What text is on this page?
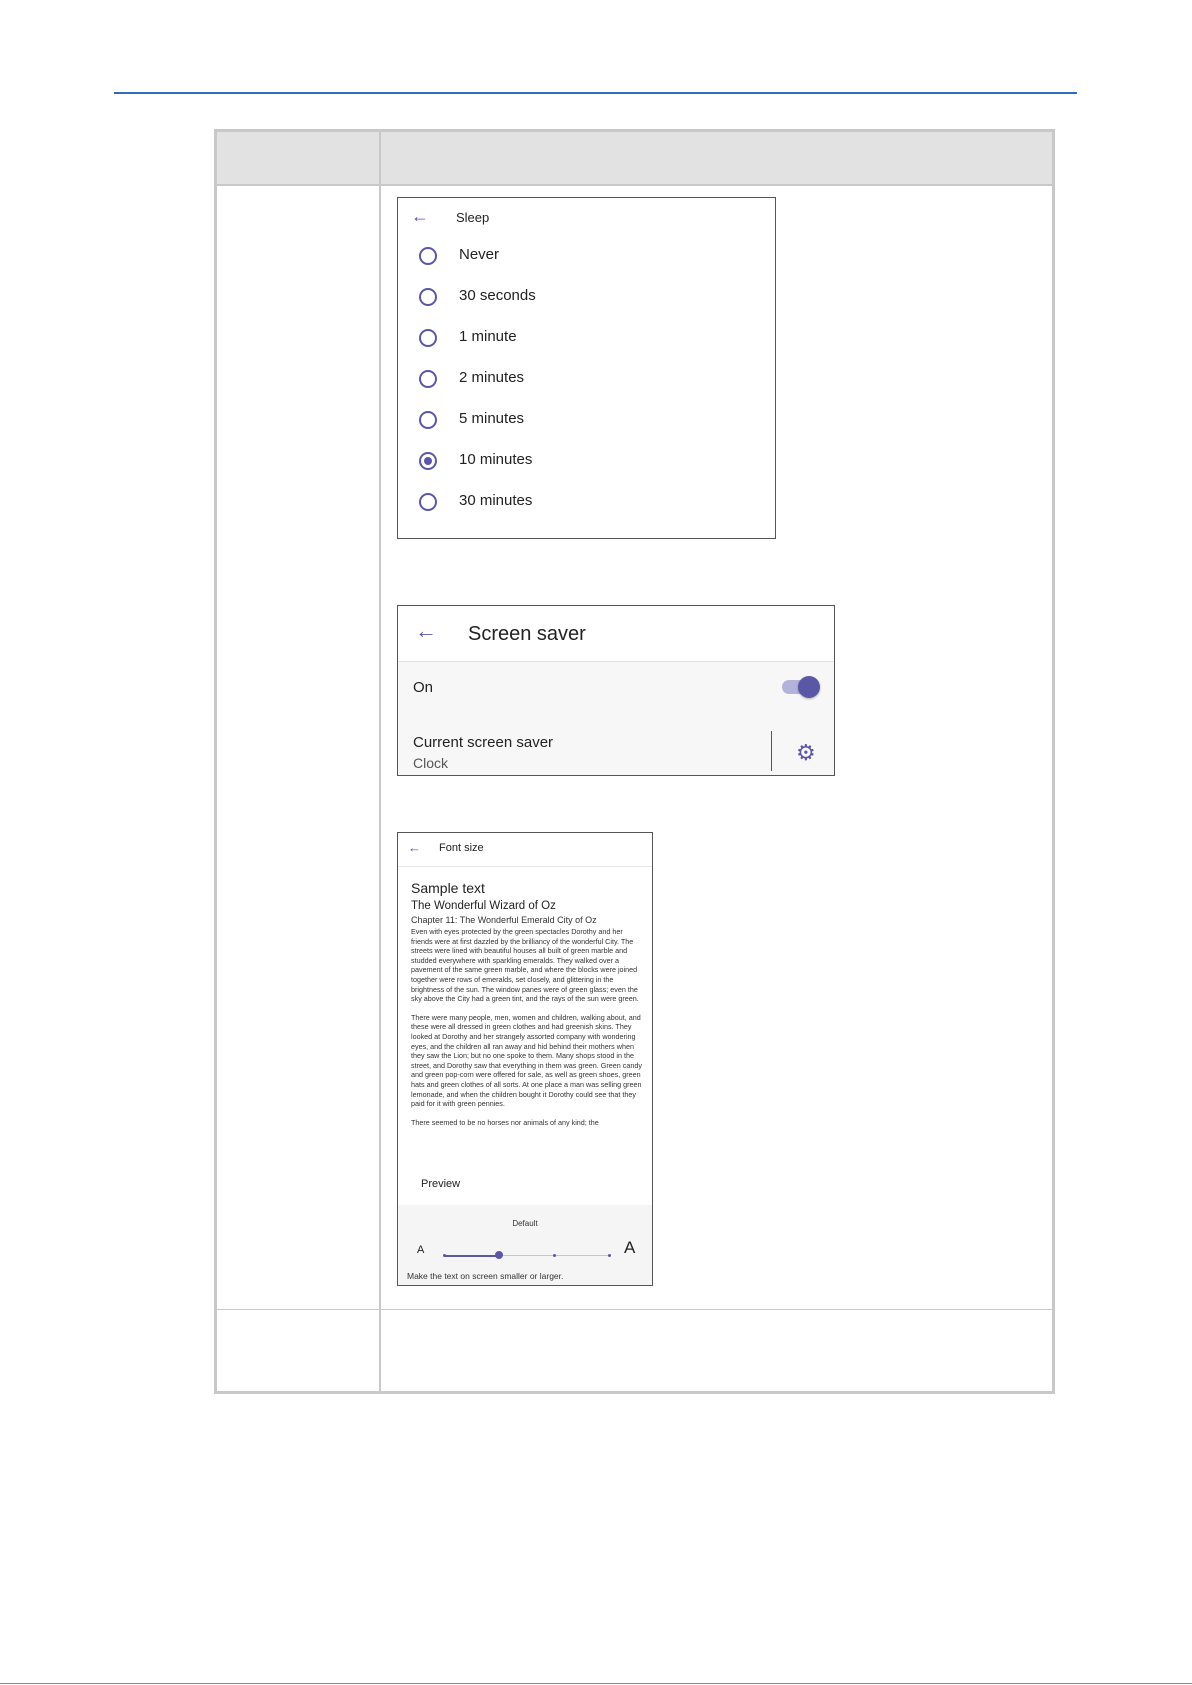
← Sleep
Never
30 seconds
1 minute
2 minutes
5 minutes
10 minutes
30 minutes
← Screen saver
On
Current screen saver
Clock	⚙
← Font size

Sample text

The Wonderful Wizard of Oz

Chapter 11: The Wonderful Emerald City of Oz

Even with eyes protected by the green spectacles Dorothy and her friends were at first dazzled by the brilliancy of the wonderful City. The streets were lined with beautiful houses all built of green marble and studded everywhere with sparkling emeralds. They walked over a pavement of the same green marble, and where the blocks were joined together were rows of emeralds, set closely, and glittering in the brightness of the sun. The window panes were of green glass; even the sky above the City had a green tint, and the rays of the sun were green.

There were many people, men, women and children, walking about, and these were all dressed in green clothes and had greenish skins. They looked at Dorothy and her strangely assorted company with wondering eyes, and the children all ran away and hid behind their mothers when they saw the Lion; but no one spoke to them. Many shops stood in the street, and Dorothy saw that everything in them was green. Green candy and green pop-corn were offered for sale, as well as green shoes, green hats and green clothes of all sorts. At one place a man was selling green lemonade, and when the children bought it Dorothy could see that they paid for it with green pennies.

There seemed to be no horses nor animals of any kind; the

Preview
Default
A	A
Make the text on screen smaller or larger.
